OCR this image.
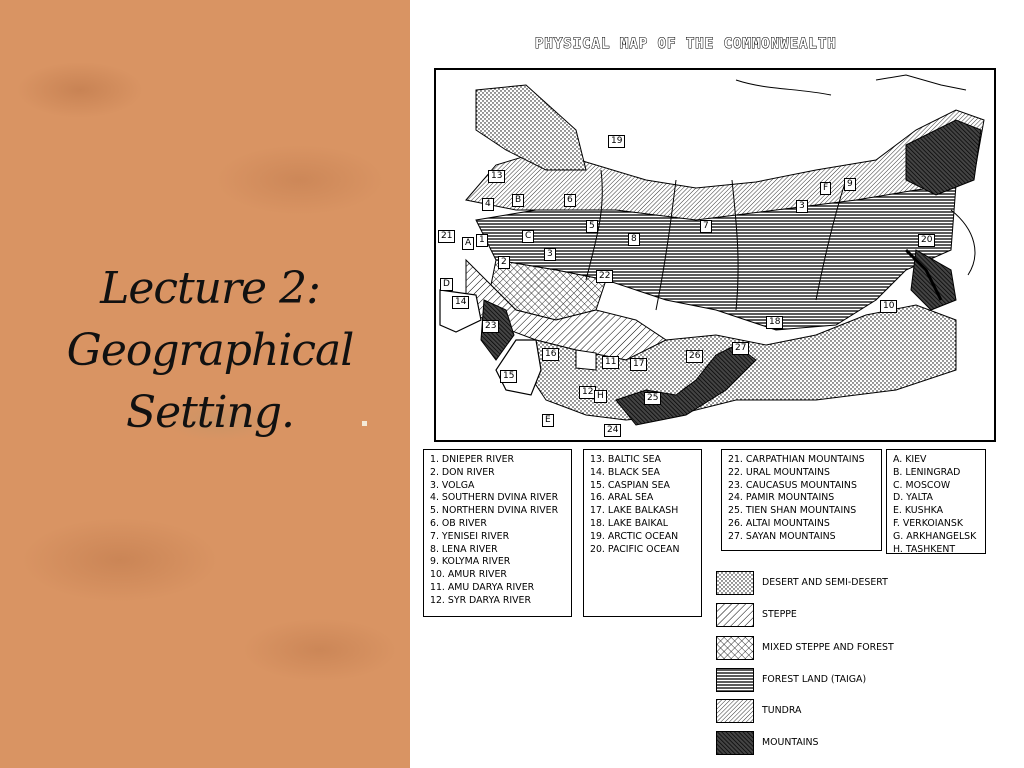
Lecture 2:
Geographical
Setting.
PHYSICAL MAP OF THE COMMONWEALTH
19
13
4	B	6
5
C
21
A 1
3
2
D
14
22
23
16
15
11	17
12 H
E
24
25
26
27
18
10
7
8
3
F	9
20
1. DNIEPER RIVER
2. DON RIVER
3. VOLGA
4. SOUTHERN DVINA RIVER
5. NORTHERN DVINA RIVER
6. OB RIVER
7. YENISEI RIVER
8. LENA RIVER
9. KOLYMA RIVER
10. AMUR RIVER
11. AMU DARYA RIVER
12. SYR DARYA RIVER
13. BALTIC SEA
14. BLACK SEA
15. CASPIAN SEA
16. ARAL SEA
17. LAKE BALKASH
18. LAKE BAIKAL
19. ARCTIC OCEAN
20. PACIFIC OCEAN
21. CARPATHIAN MOUNTAINS
22. URAL MOUNTAINS
23. CAUCASUS MOUNTAINS
24. PAMIR MOUNTAINS
25. TIEN SHAN MOUNTAINS
26. ALTAI MOUNTAINS
27. SAYAN MOUNTAINS
A. KIEV
B. LENINGRAD
C. MOSCOW
D. YALTA
E. KUSHKA
F. VERKOIANSK
G. ARKHANGELSK
H. TASHKENT
DESERT AND SEMI-DESERT
STEPPE
MIXED STEPPE AND FOREST
FOREST LAND (TAIGA)
TUNDRA
MOUNTAINS
